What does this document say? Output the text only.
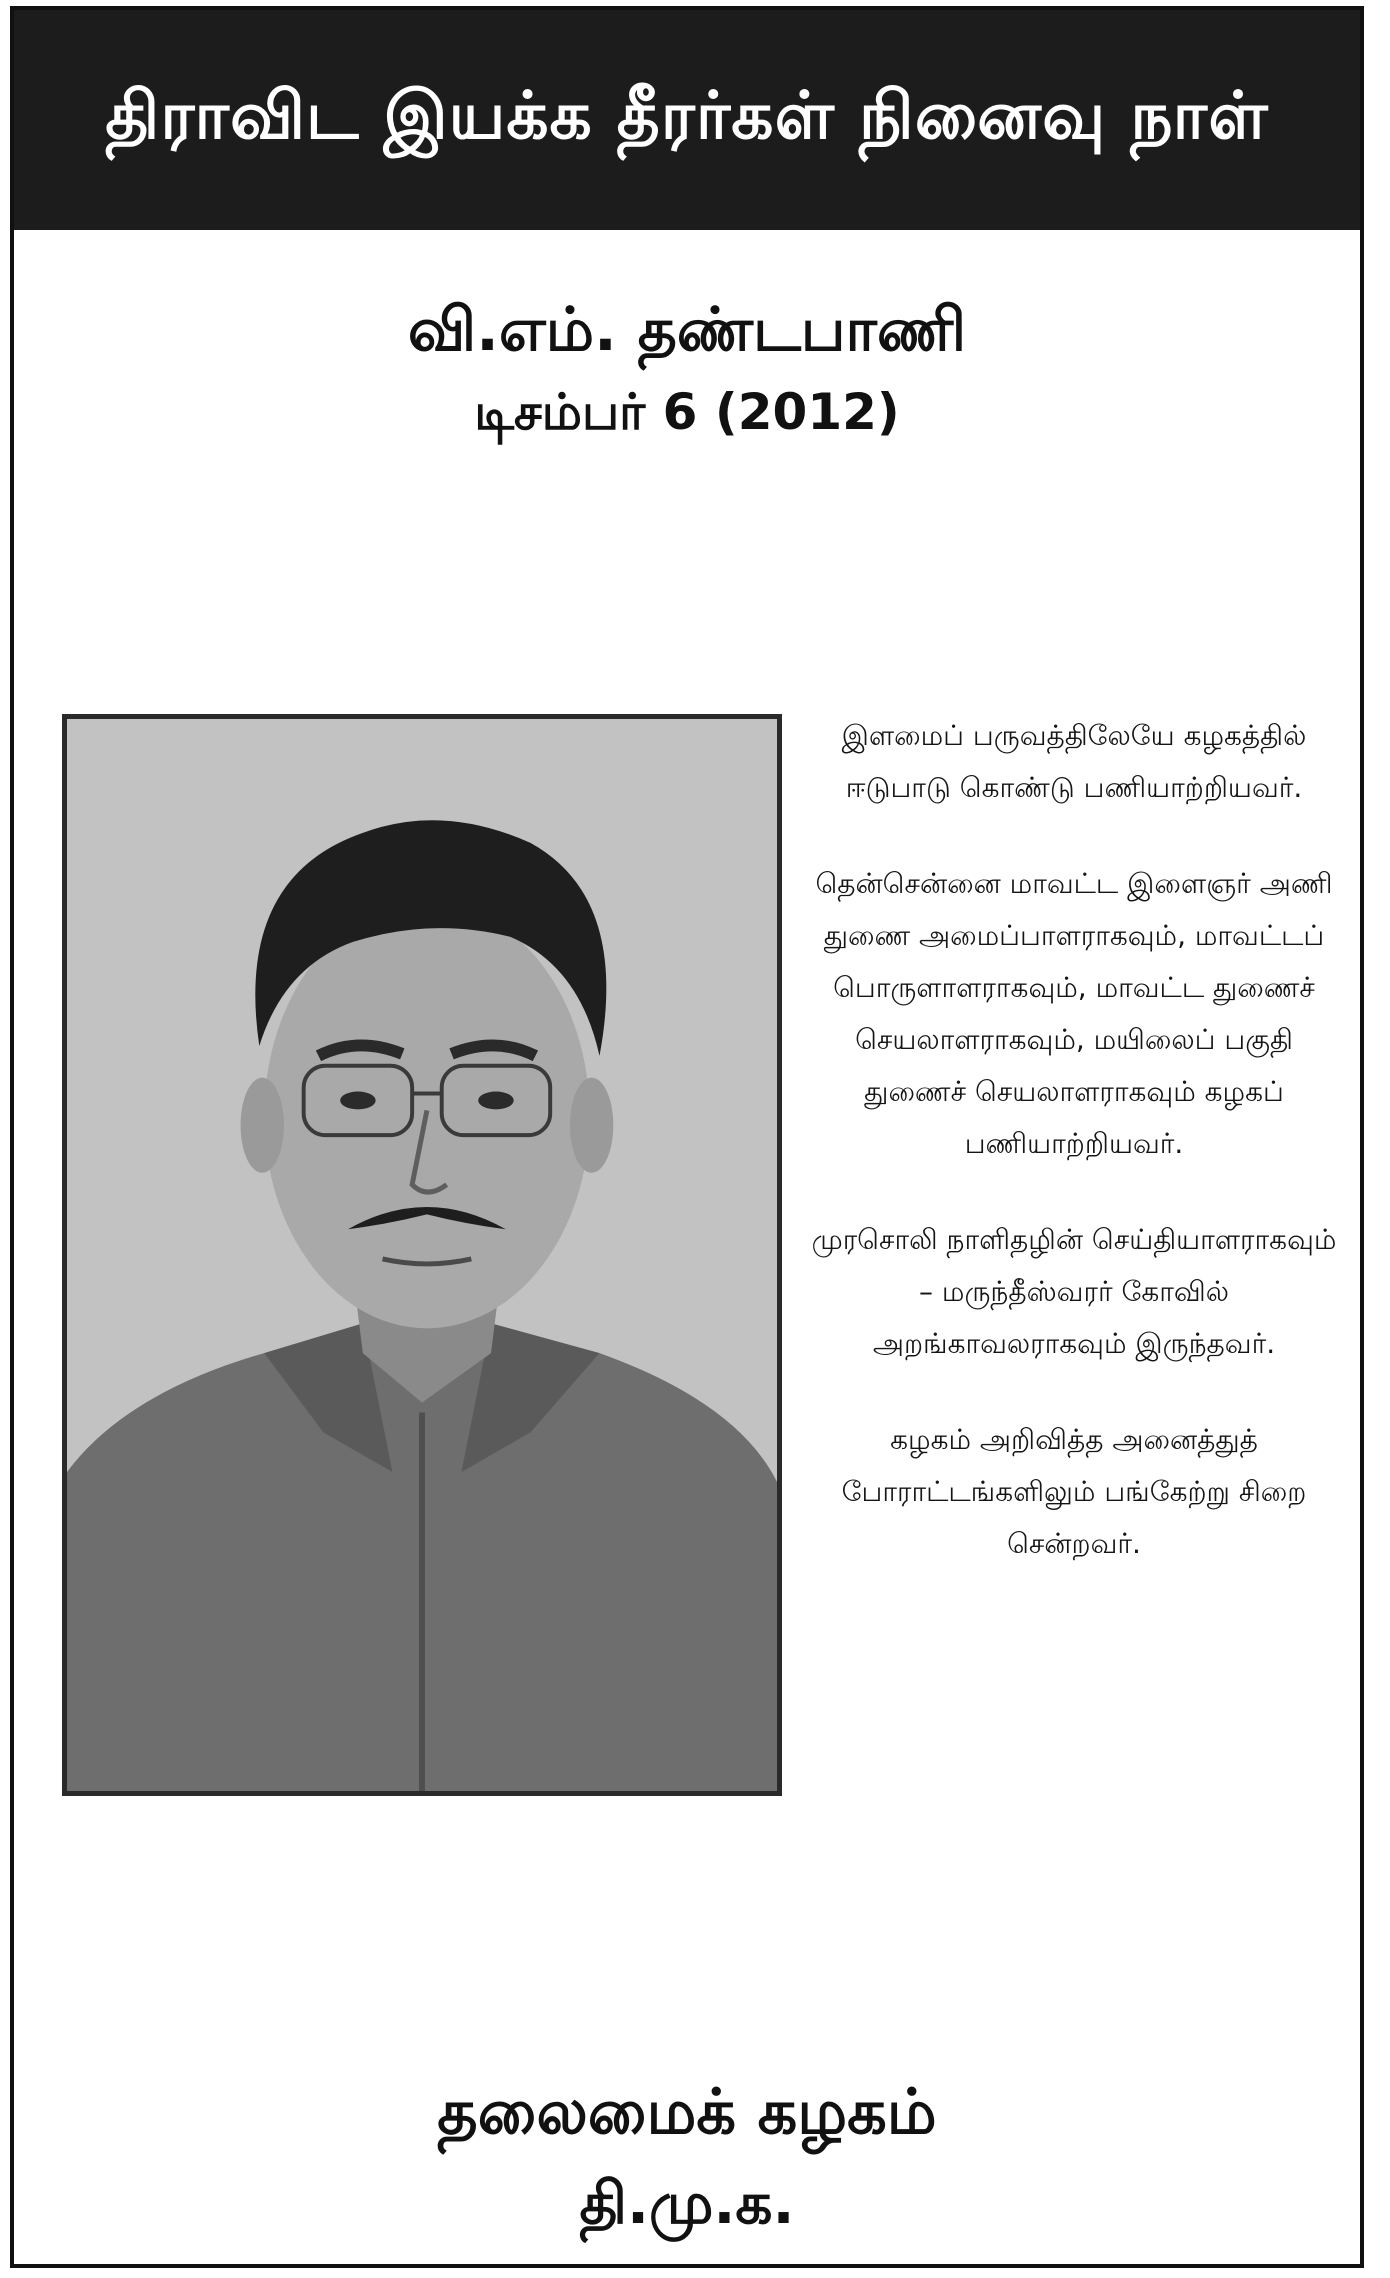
திராவிட இயக்க தீரர்கள் நினைவு நாள்
வி.எம். தண்டபாணி
டிசம்பர் 6 (2012)

இளமைப் பருவத்திலேயே கழகத்தில் ஈடுபாடு கொண்டு பணியாற்றியவர்.

தென்சென்னை மாவட்ட இளைஞர் அணி துணை அமைப்பாளராகவும், மாவட்டப் பொருளாளராகவும், மாவட்ட துணைச் செயலாளராகவும், மயிலைப் பகுதி துணைச் செயலாளராகவும் கழகப் பணியாற்றியவர்.

முரசொலி நாளிதழின் செய்தியாளராகவும் – மருந்தீஸ்வரர் கோவில் அறங்காவலராகவும் இருந்தவர்.

கழகம் அறிவித்த அனைத்துத் போராட்டங்களிலும் பங்கேற்று சிறை சென்றவர்.

தலைமைக் கழகம்
தி.மு.க.
